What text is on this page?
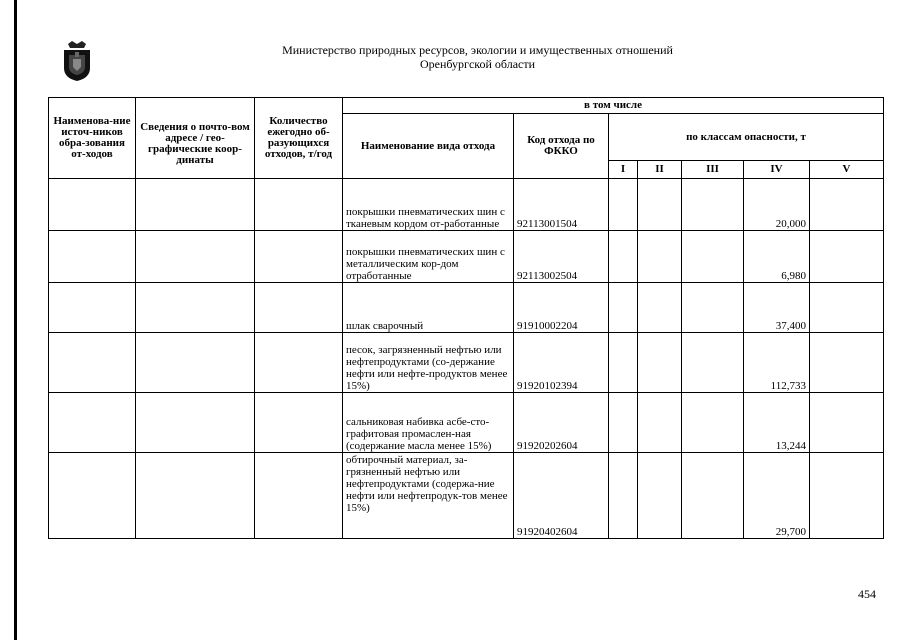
Министерство природных ресурсов, экологии и имущественных отношений
Оренбургской области
Наименова-ние источ-ников обра-зования от-ходов	Сведения о почто-вом адресе / гео-графические коор-динаты	Количество ежегодно об-разующихся отходов, т/год	в том числе						
			Наименование вида отхода	Код отхода по ФККО	по классам опасности, т				
					I	II	III	IV	V
			покрышки пневматических шин с тканевым кордом от-работанные	92113001504				20,000	
			покрышки пневматических шин с металлическим кор-дом отработанные	92113002504				6,980	
			шлак сварочный	91910002204				37,400	
			песок, загрязненный нефтью или нефтепродуктами (со-держание нефти или нефте-продуктов менее 15%)	91920102394				112,733	
			сальниковая набивка асбе-сто-графитовая промаслен-ная (содержание масла менее 15%)	91920202604				13,244	
			обтирочный материал, за-грязненный нефтью или нефтепродуктами (содержа-ние нефти или нефтепродук-тов менее 15%)	91920402604				29,700	
454
